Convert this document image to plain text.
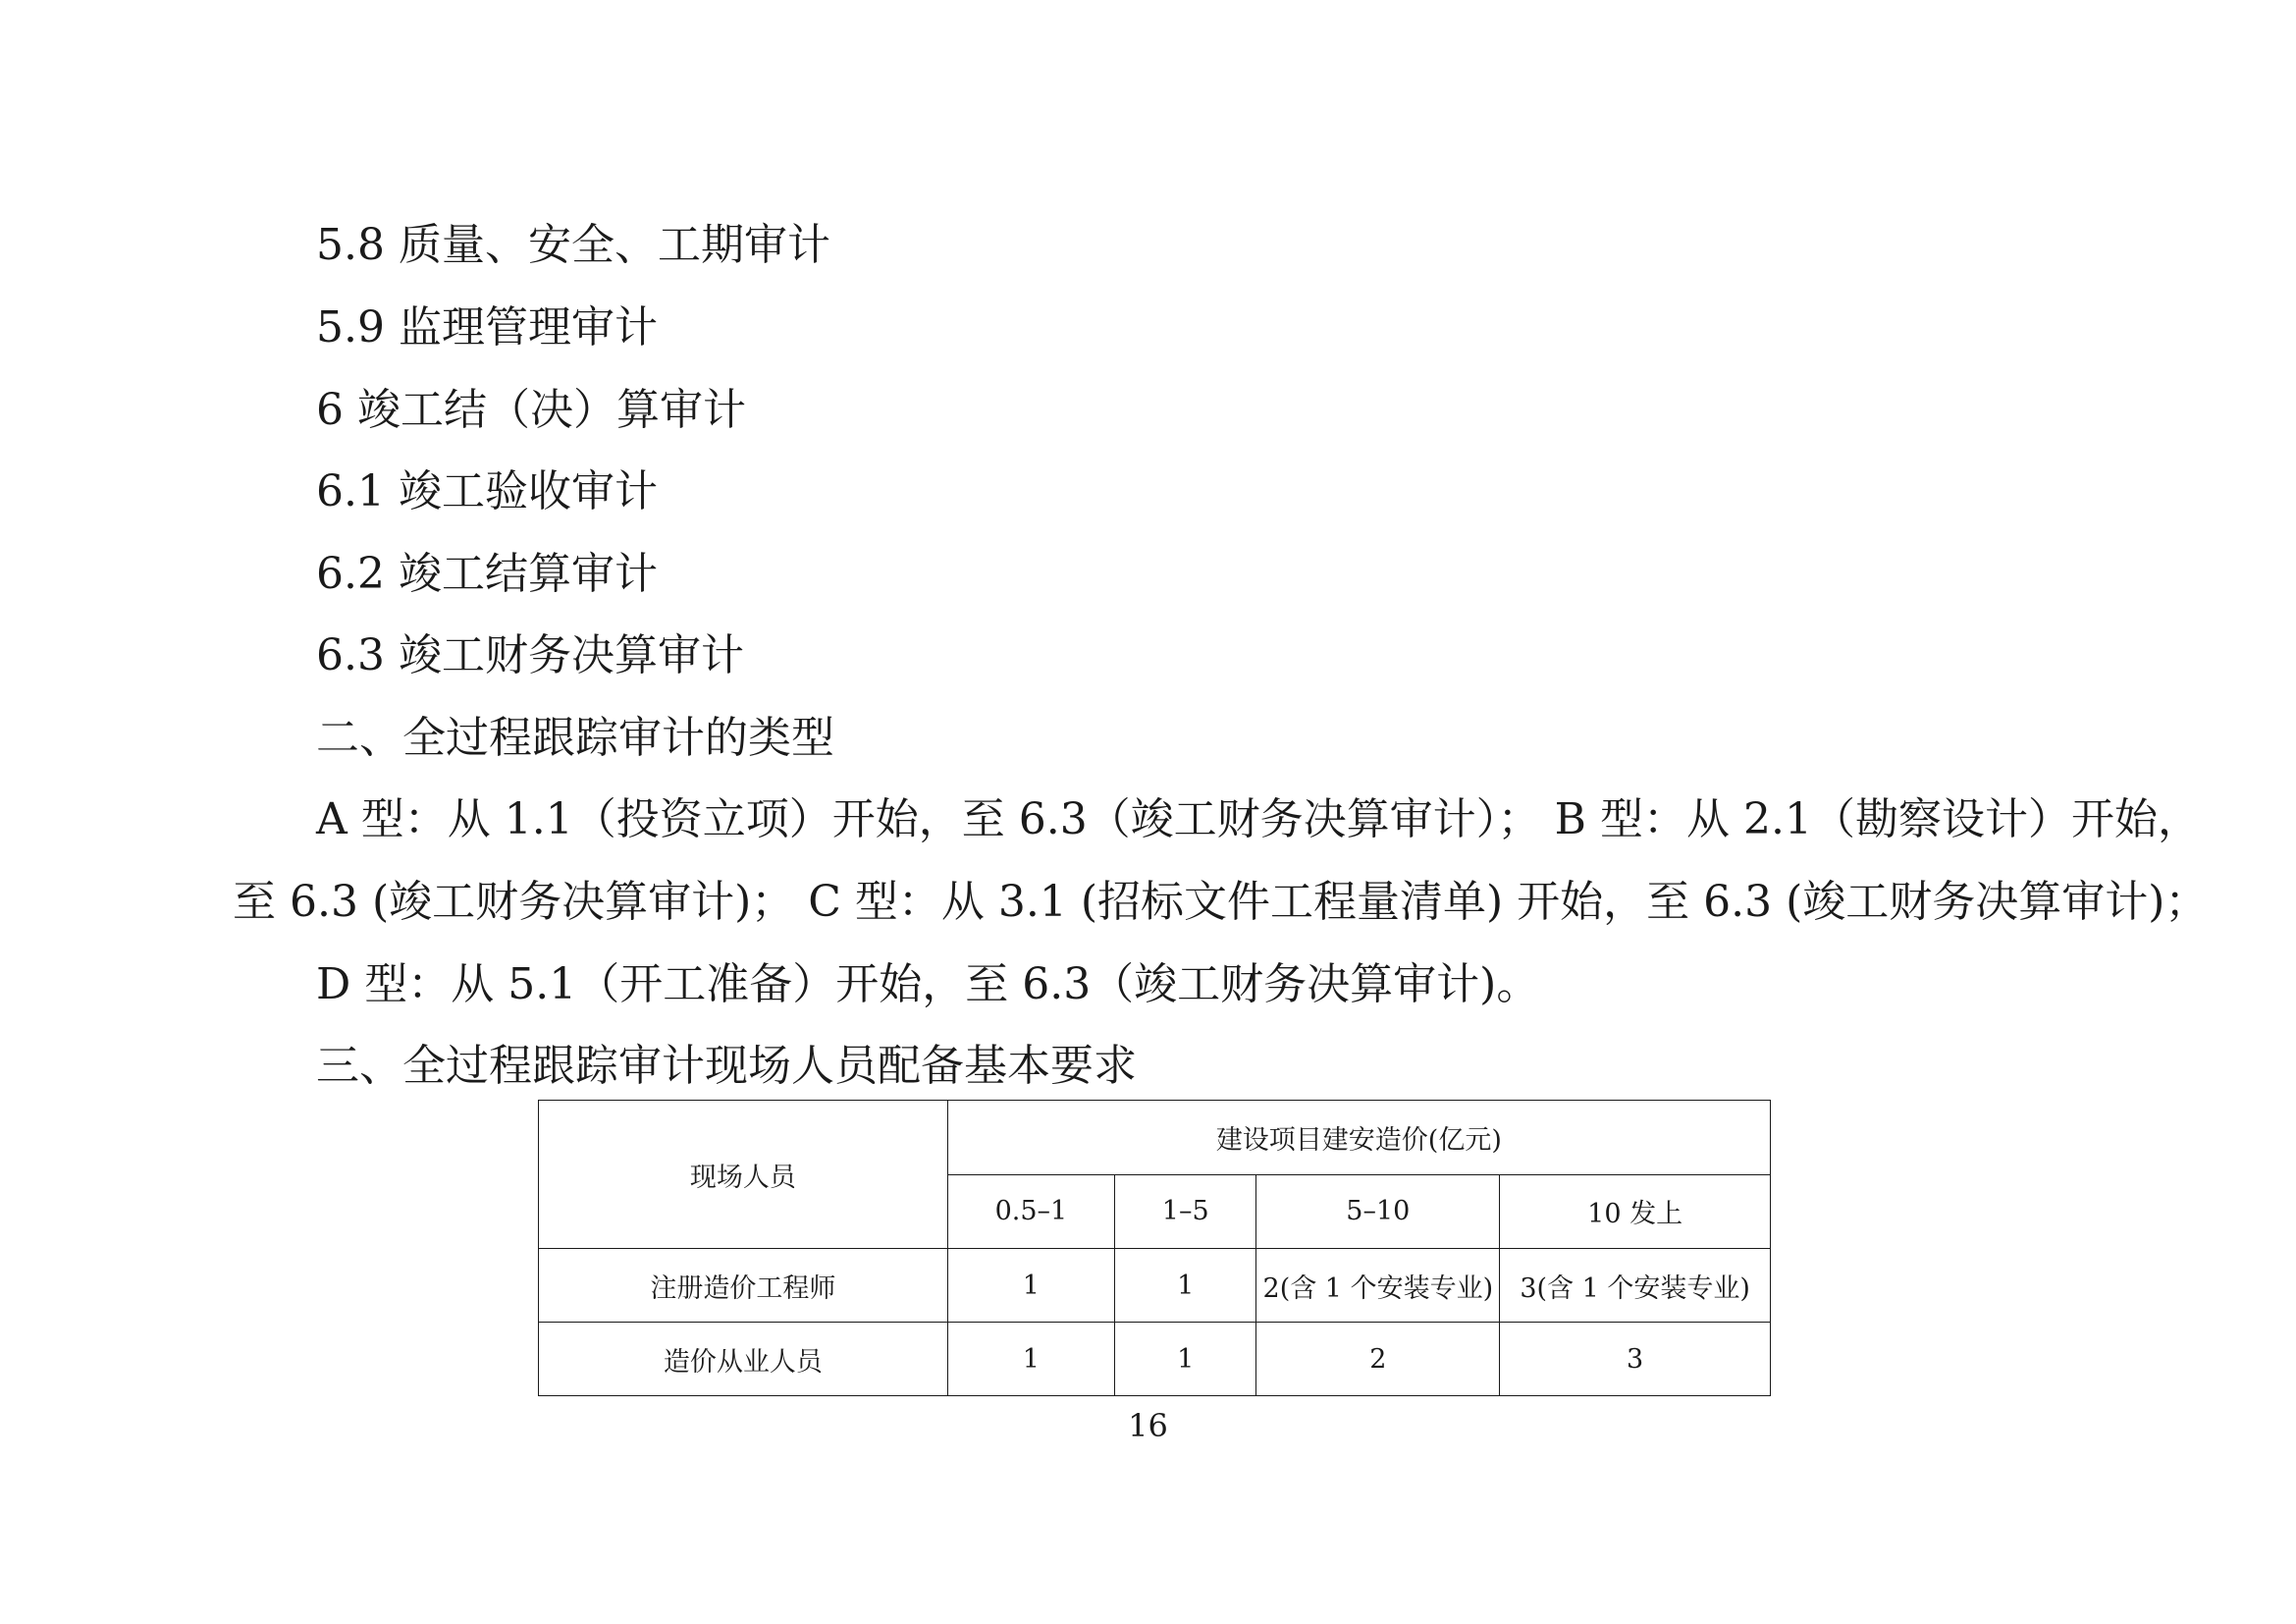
5.8 质量、安全、工期审计
5.9 监理管理审计
6 竣工结（决）算审计
6.1 竣工验收审计
6.2 竣工结算审计
6.3 竣工财务决算审计
二、全过程跟踪审计的类型
A 型：从 1.1（投资立项）开始，至 6.3（竣工财务决算审计）； B 型：从 2.1（勘察设计）开始，
至 6.3 (竣工财务决算审计)； C 型：从 3.1 (招标文件工程量清单) 开始，至 6.3 (竣工财务决算审计)；
D 型：从 5.1（开工准备）开始，至 6.3（竣工财务决算审计)。
三、全过程跟踪审计现场人员配备基本要求
现场人员	建设项目建安造价(亿元)			
	0.5–1	1–5	5–10	10 发上
注册造价工程师	1	1	2(含 1 个安装专业)	3(含 1 个安装专业)
造价从业人员	1	1	2	3
16
